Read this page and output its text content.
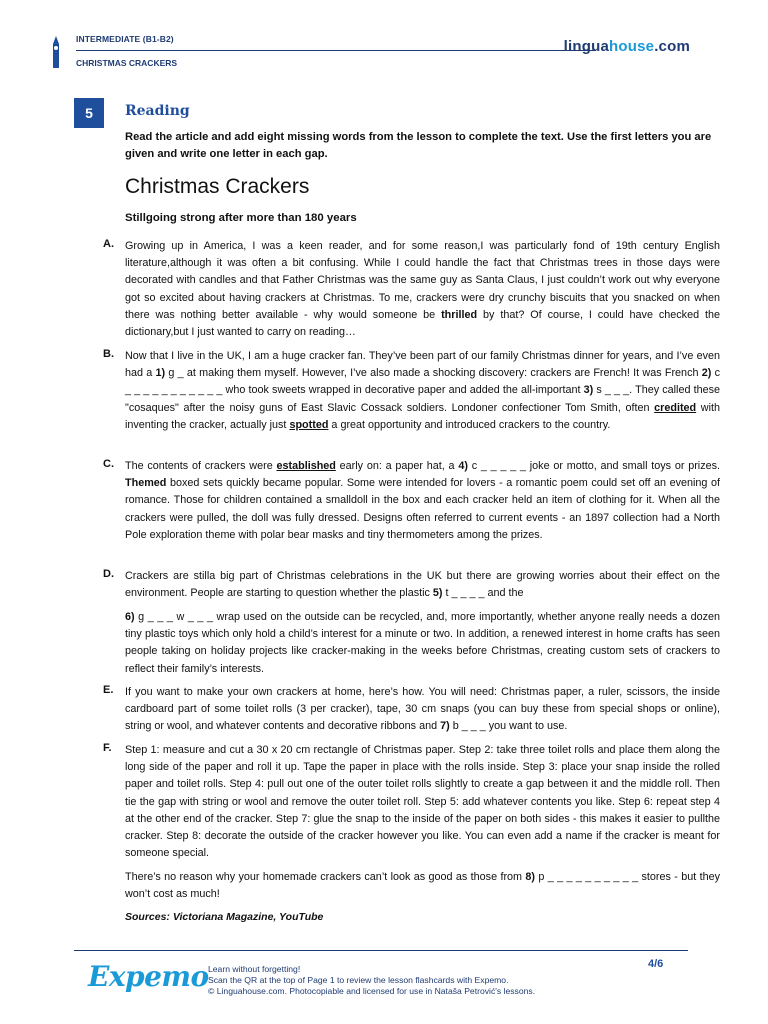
INTERMEDIATE (B1-B2)
CHRISTMAS CRACKERS
linguahouse.com
5	Reading
Read the article and add eight missing words from the lesson to complete the text. Use the first letters you are given and write one letter in each gap.
Christmas Crackers
Stillgoing strong after more than 180 years
A. Growing up in America, I was a keen reader, and for some reason,I was particularly fond of 19th century English literature,although it was often a bit confusing. While I could handle the fact that Christmas trees in those days were decorated with candles and that Father Christmas was the same guy as Santa Claus, I just couldn’t work out why everyone got so excited about having crackers at Christmas. To me, crackers were dry crunchy biscuits that you snacked on when there was nothing better available - why would someone be thrilled by that? Of course, I could have checked the dictionary,but I just wanted to carry on reading…
B. Now that I live in the UK, I am a huge cracker fan. They’ve been part of our family Christmas dinner for years, and I’ve even had a 1) g _ at making them myself. However, I’ve also made a shocking discovery: crackers are French! It was French 2) c _ _ _ _ _ _ _ _ _ _ _ who took sweets wrapped in decorative paper and added the all-important 3) s _ _ _. They called these "cosaques" after the noisy guns of East Slavic Cossack soldiers. Londoner confectioner Tom Smith, often credited with inventing the cracker, actually just spotted a great opportunity and introduced crackers to the country.
C. The contents of crackers were established early on: a paper hat, a 4) c _ _ _ _ _ joke or motto, and small toys or prizes. Themed boxed sets quickly became popular. Some were intended for lovers - a romantic poem could set off an evening of romance. Those for children contained a smalldoll in the box and each cracker held an item of clothing for it. When all the crackers were pulled, the doll was fully dressed. Designs often referred to current events - an 1897 collection had a North Pole exploration theme with polar bear masks and tiny thermometers among the prizes.
D. Crackers are stilla big part of Christmas celebrations in the UK but there are growing worries about their effect on the environment. People are starting to question whether the plastic 5) t _ _ _ _ and the
6) g _ _ _ w _ _ _ wrap used on the outside can be recycled, and, more importantly, whether anyone really needs a dozen tiny plastic toys which only hold a child’s interest for a minute or two. In addition, a renewed interest in home crafts has seen people taking on holiday projects like cracker-making in the weeks before Christmas, creating custom sets of crackers to reflect their family’s interests.
E. If you want to make your own crackers at home, here’s how. You will need: Christmas paper, a ruler, scissors, the inside cardboard part of some toilet rolls (3 per cracker), tape, 30 cm snaps (you can buy these from special shops or online), string or wool, and whatever contents and decorative ribbons and 7) b _ _ _ you want to use.
F. Step 1: measure and cut a 30 x 20 cm rectangle of Christmas paper. Step 2: take three toilet rolls and place them along the long side of the paper and roll it up. Tape the paper in place with the rolls inside. Step 3: place your snap inside the rolled paper and toilet rolls. Step 4: pull out one of the outer toilet rolls slightly to create a gap between it and the middle roll. Then tie the gap with string or wool and remove the outer toilet roll. Step 5: add whatever contents you like. Step 6: repeat step 4 at the other end of the cracker. Step 7: glue the snap to the inside of the paper on both sides - this makes it easier to pullthe cracker. Step 8: decorate the outside of the cracker however you like. You can even add a name if the cracker is meant for someone special.
There’s no reason why your homemade crackers can’t look as good as those from 8) p _ _ _ _ _ _ _ _ _ _ stores - but they won’t cost as much!
Sources: Victoriana Magazine, YouTube
Expemo Learn without forgetting!
Scan the QR at the top of Page 1 to review the lesson flashcards with Expemo.
© Linguahouse.com. Photocopiable and licensed for use in Nataša Petrović's lessons.
4/6
